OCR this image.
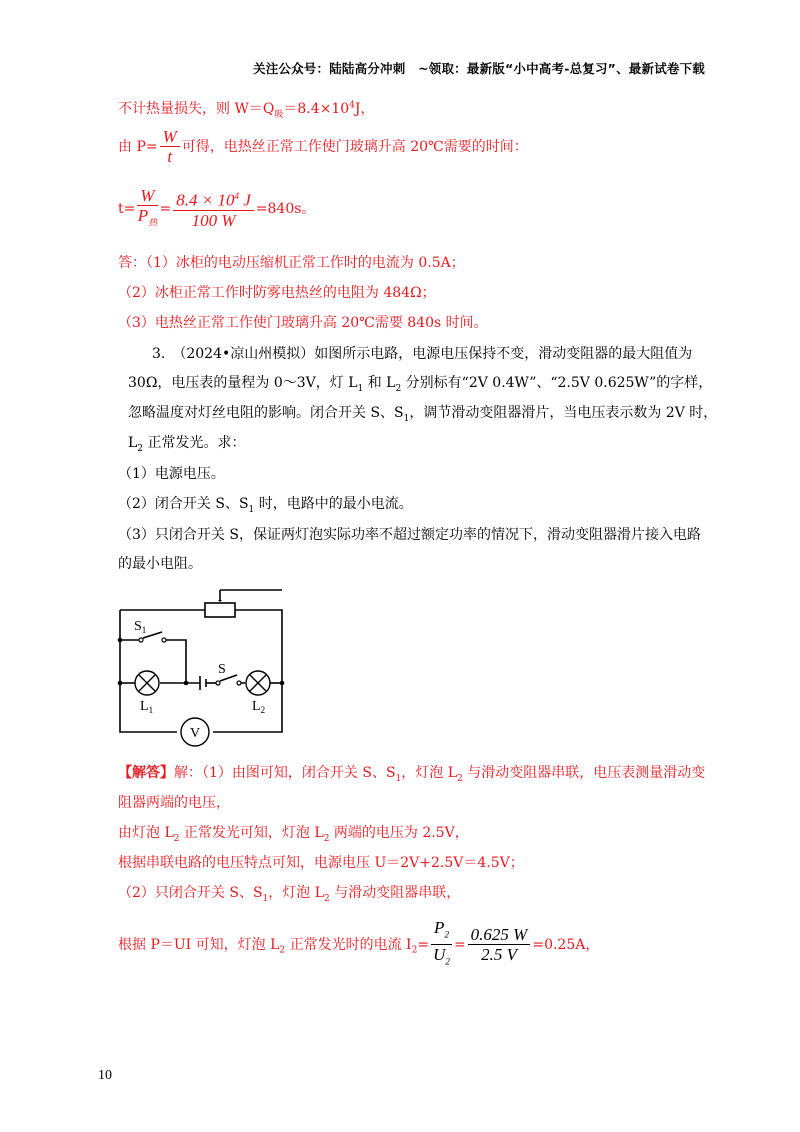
关注公众号：陆陆高分冲刺　~领取：最新版“小中高考-总复习”、最新试卷下载
不计热量损失，则 $W=Q_吸=8.4\times 10^4J$，
由 $P= \frac{W}{t}$ 可得，电热丝正常工作使门玻璃升高 20℃需要的时间：
$t= \frac{W}{P_热} = \frac{8.4 \times 10^4 J}{100 W} =840s$。
答：（1）冰柜的电动压缩机正常工作时的电流为 0.5A；
（2）冰柜正常工作时防雾电热丝的电阻为 484Ω；
（3）电热丝正常工作使门玻璃升高 20℃需要 840s 时间。
3.　 （2024•凉山州模拟）如图所示电路，电源电压保持不变，滑动变阻器的最大阻值为
30Ω，电压表的量程为 0～3V，灯 $L_1$ 和 $L_2$ 分别标有“2V 0.4W”、“2.5V 0.625W”的字样，
忽略温度对灯丝电阻的影响。闭合开关 S、$S_1$，调节滑动变阻器滑片，当电压表示数为 2V 时，
$L_2$ 正常发光。求：
（1）电源电压。
（2）闭合开关 S、$S_1$ 时，电路中的最小电流。
（3）只闭合开关 S，保证两灯泡实际功率不超过额定功率的情况下，滑动变阻器滑片接入电路
的最小电阻。
V
$S_1$
S
$L_1$	$L_2$
【解答】解：（1）由图可知，闭合开关 S、$S_1$，灯泡 $L_2$ 与滑动变阻器串联，电压表测量滑动变
阻器两端的电压，
由灯泡 $L_2$ 正常发光可知，灯泡 $L_2$ 两端的电压为 2.5V，
根据串联电路的电压特点可知，电源电压 U＝2V+2.5V＝4.5V；
（2）只闭合开关 S、$S_1$，灯泡 $L_2$ 与滑动变阻器串联，
根据 P＝UI 可知，灯泡 $L_2$ 正常发光时的电流 $I_2= \frac{P_2}{U_2} = \frac{0.625 W}{2.5 V} =0.25A$，
10
